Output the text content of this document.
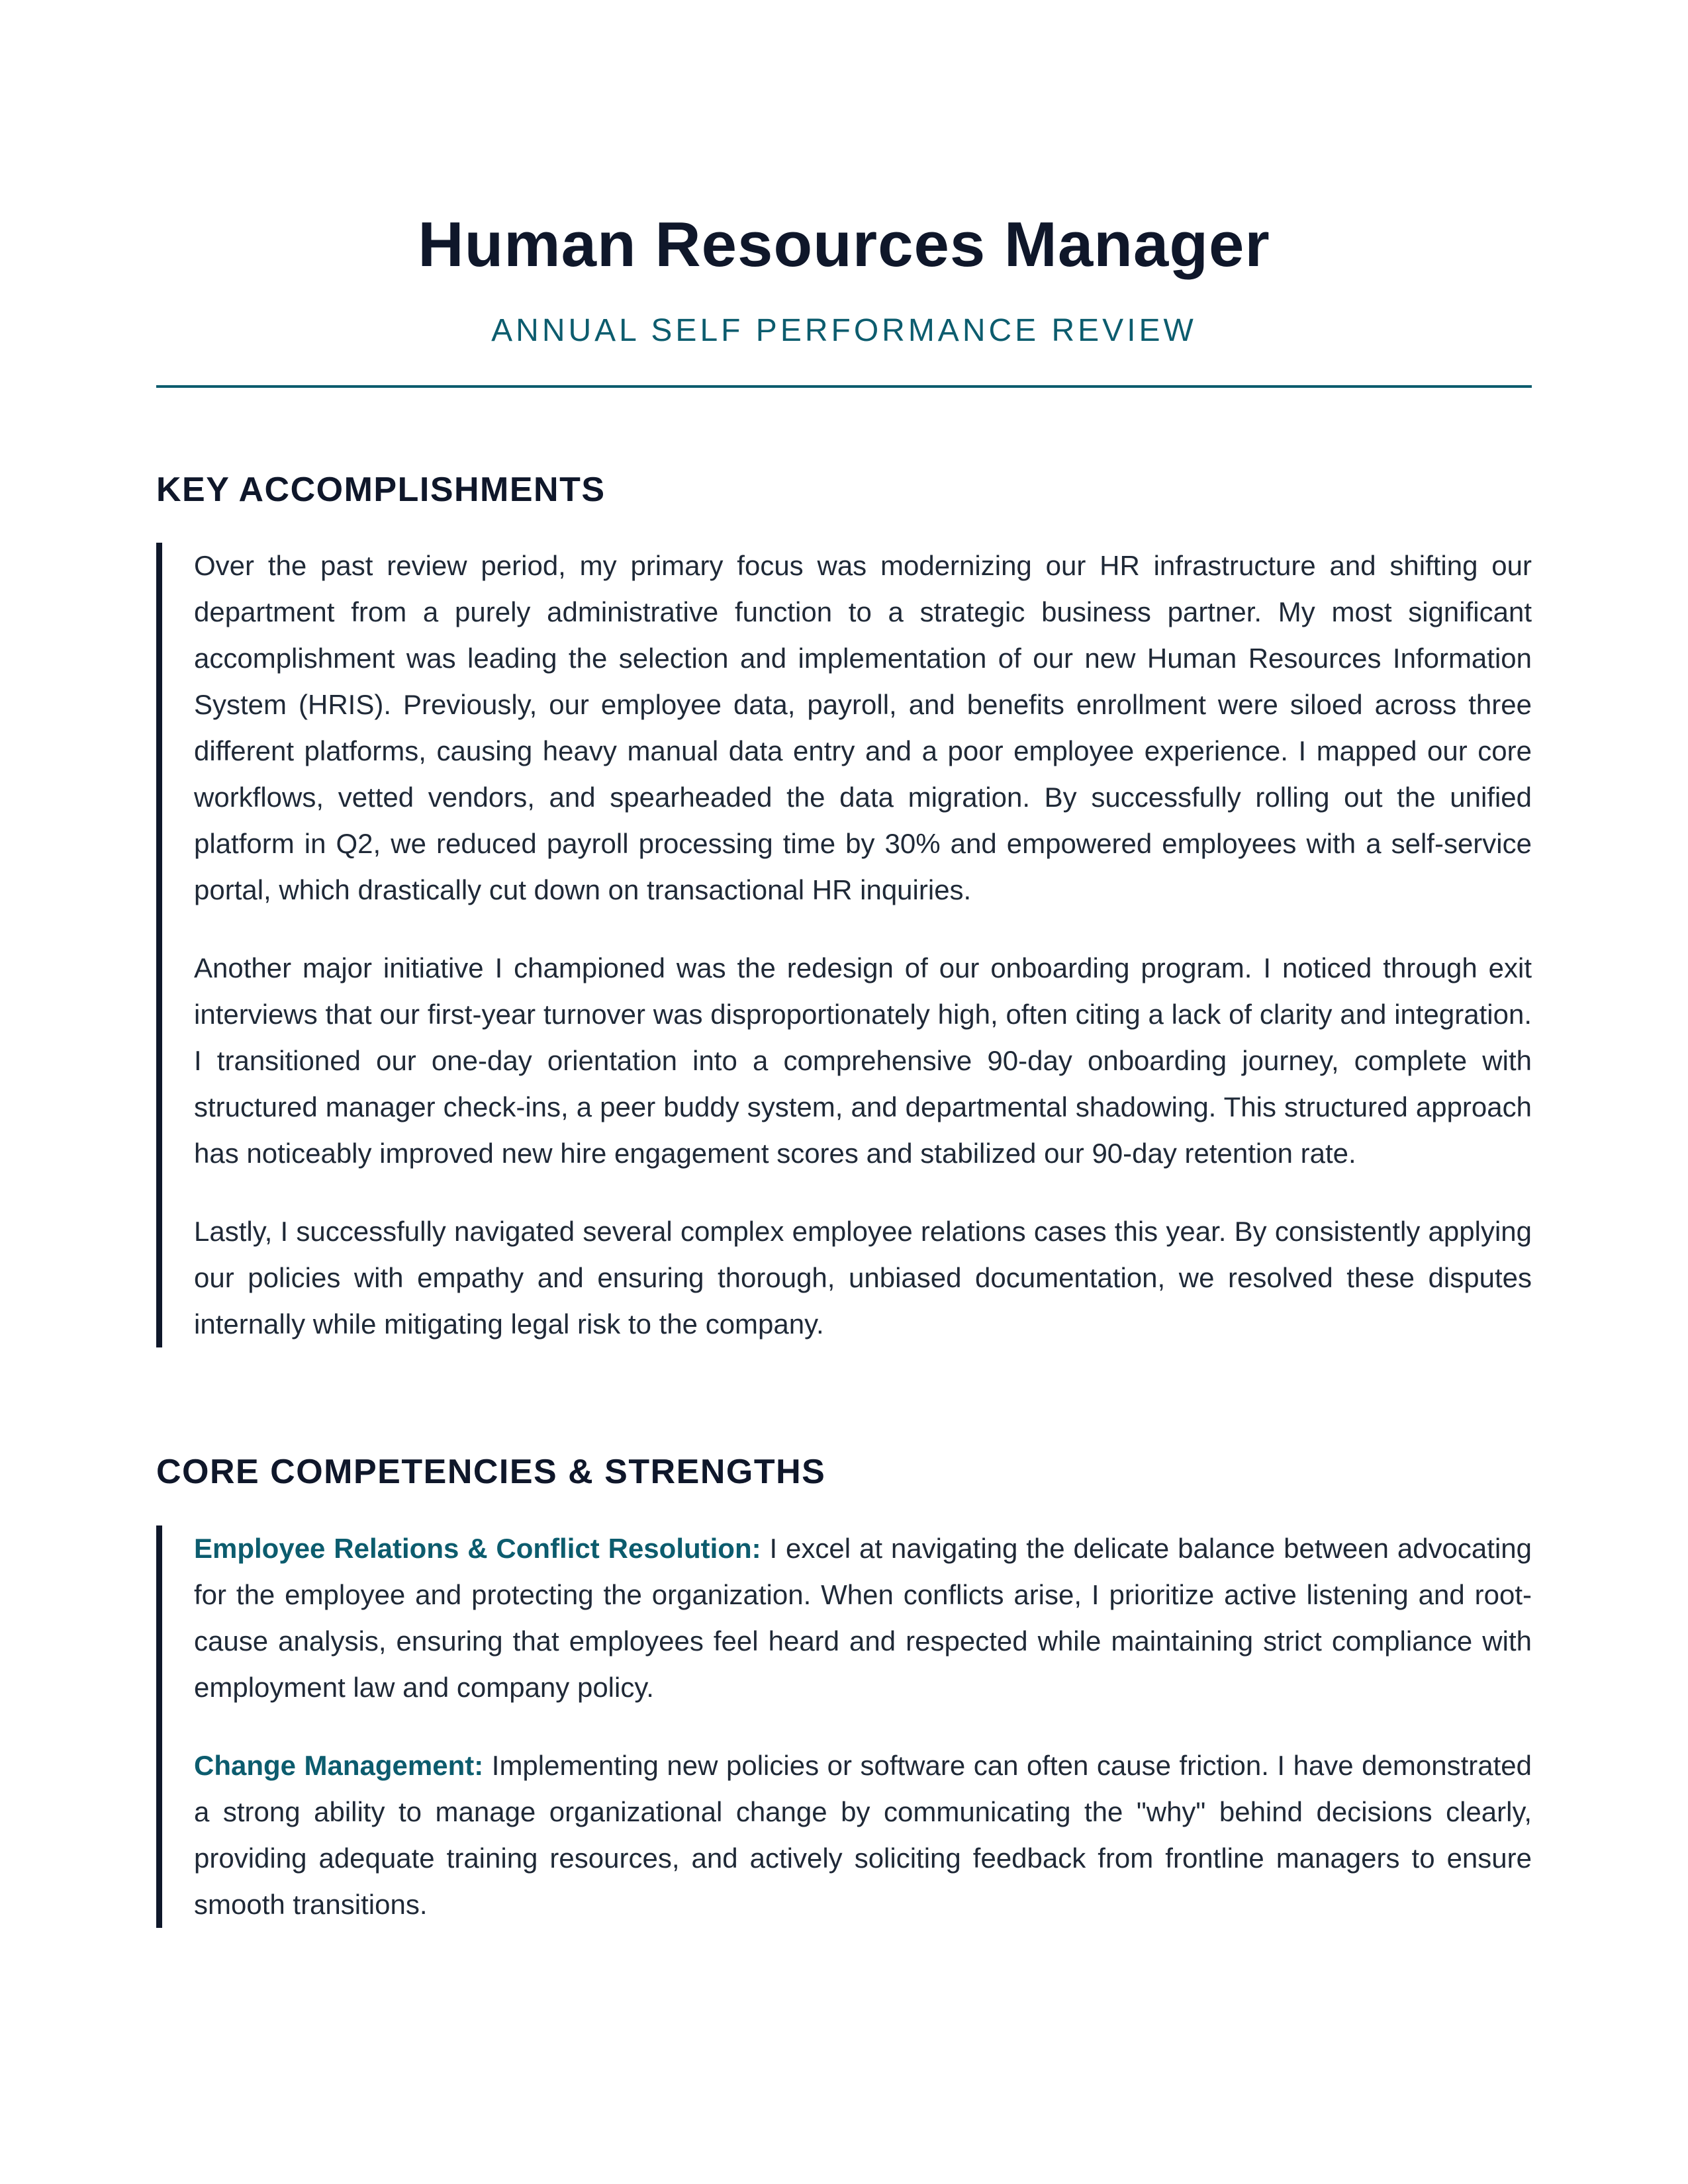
Human Resources Manager

ANNUAL SELF PERFORMANCE REVIEW

KEY ACCOMPLISHMENTS

Over the past review period, my primary focus was modernizing our HR infrastructure and shifting our department from a purely administrative function to a strategic business partner. My most significant accomplishment was leading the selection and implementation of our new Human Resources Information System (HRIS). Previously, our employee data, payroll, and benefits enrollment were siloed across three different platforms, causing heavy manual data entry and a poor employee experience. I mapped our core workflows, vetted vendors, and spearheaded the data migration. By successfully rolling out the unified platform in Q2, we reduced payroll processing time by 30% and empowered employees with a self-service portal, which drastically cut down on transactional HR inquiries.

Another major initiative I championed was the redesign of our onboarding program. I noticed through exit interviews that our first-year turnover was disproportionately high, often citing a lack of clarity and integration. I transitioned our one-day orientation into a comprehensive 90-day onboarding journey, complete with structured manager check-ins, a peer buddy system, and departmental shadowing. This structured approach has noticeably improved new hire engagement scores and stabilized our 90-day retention rate.

Lastly, I successfully navigated several complex employee relations cases this year. By consistently applying our policies with empathy and ensuring thorough, unbiased documentation, we resolved these disputes internally while mitigating legal risk to the company.

CORE COMPETENCIES & STRENGTHS

Employee Relations & Conflict Resolution: I excel at navigating the delicate balance between advocating for the employee and protecting the organization. When conflicts arise, I prioritize active listening and root-cause analysis, ensuring that employees feel heard and respected while maintaining strict compliance with employment law and company policy.

Change Management: Implementing new policies or software can often cause friction. I have demonstrated a strong ability to manage organizational change by communicating the "why" behind decisions clearly, providing adequate training resources, and actively soliciting feedback from frontline managers to ensure smooth transitions.
